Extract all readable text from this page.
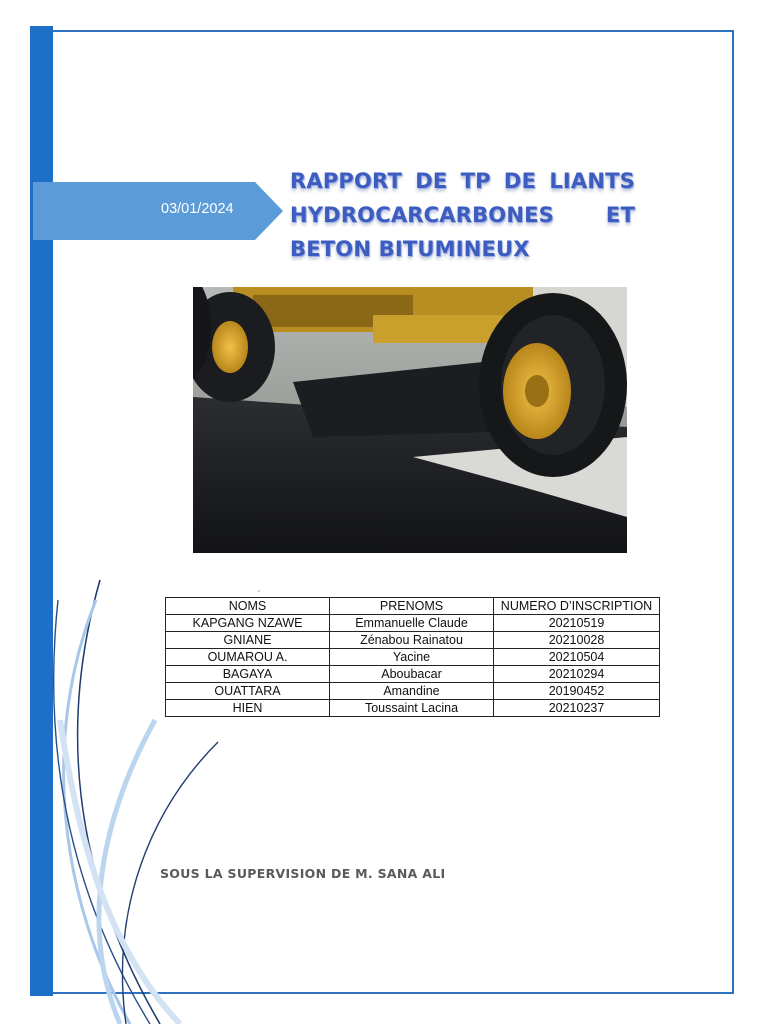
03/01/2024
RAPPORT DE TP DE LIANTS HYDROCARCARBONES ET BETON BITUMINEUX
NOMS	PRENOMS	NUMERO D’INSCRIPTION
KAPGANG NZAWE	Emmanuelle Claude	20210519
GNIANE	Zénabou Rainatou	20210028
OUMAROU A.	Yacine	20210504
BAGAYA	Aboubacar	20210294
OUATTARA	Amandine	20190452
HIEN	Toussaint Lacina	20210237
SOUS LA SUPERVISION DE M. SANA ALI
